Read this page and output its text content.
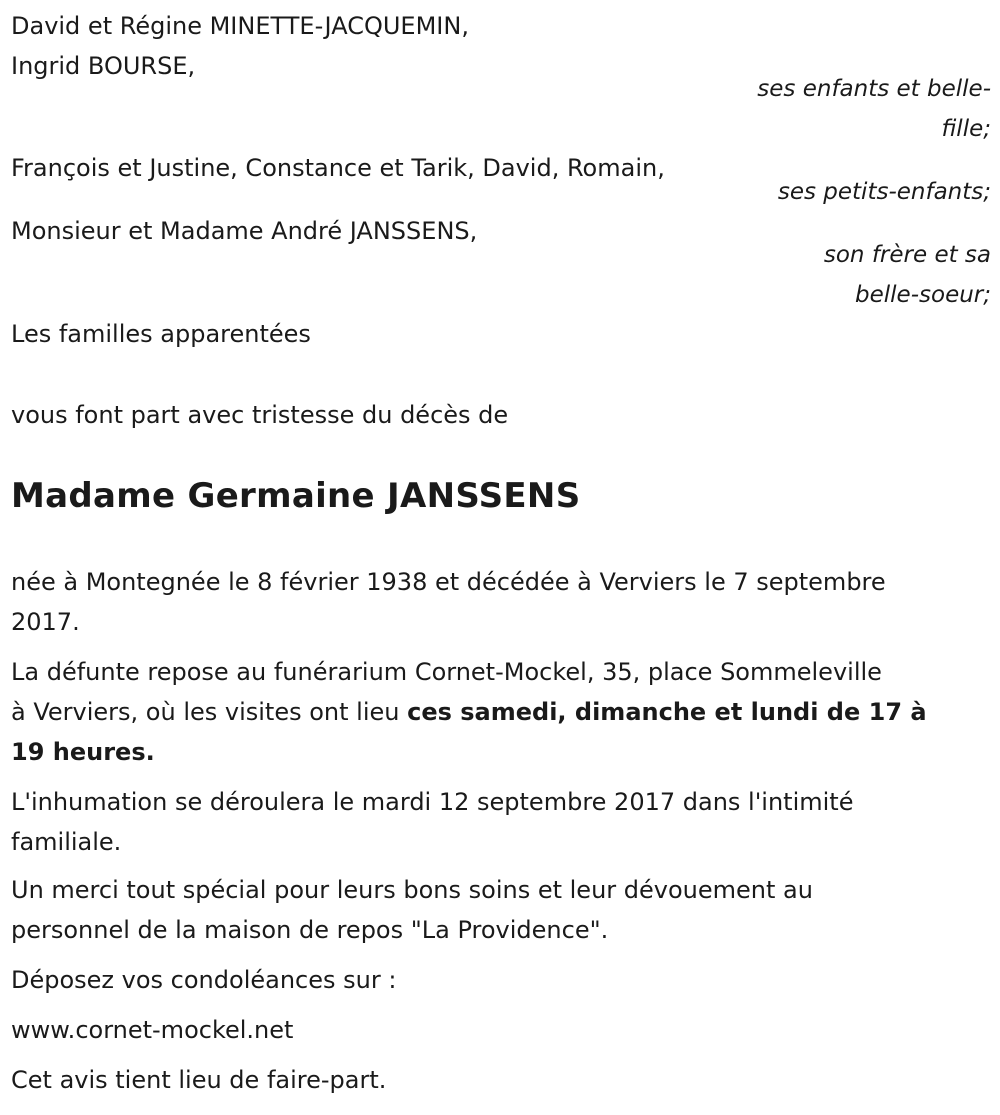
David et Régine MINETTE-JACQUEMIN,
Ingrid BOURSE,
ses enfants et belle-
fille;
François et Justine, Constance et Tarik, David, Romain,
ses petits-enfants;
Monsieur et Madame André JANSSENS,
son frère et sa
belle-soeur;
Les familles apparentées
vous font part avec tristesse du décès de
Madame Germaine JANSSENS
née à Montegnée le 8 février 1938 et décédée à Verviers le 7 septembre
2017.
La défunte repose au funérarium Cornet-Mockel, 35, place Sommeleville
à Verviers, où les visites ont lieu ces samedi, dimanche et lundi de 17 à
19 heures.
L'inhumation se déroulera le mardi 12 septembre 2017 dans l'intimité
familiale.
Un merci tout spécial pour leurs bons soins et leur dévouement au
personnel de la maison de repos "La Providence".
Déposez vos condoléances sur :
www.cornet-mockel.net
Cet avis tient lieu de faire-part.
